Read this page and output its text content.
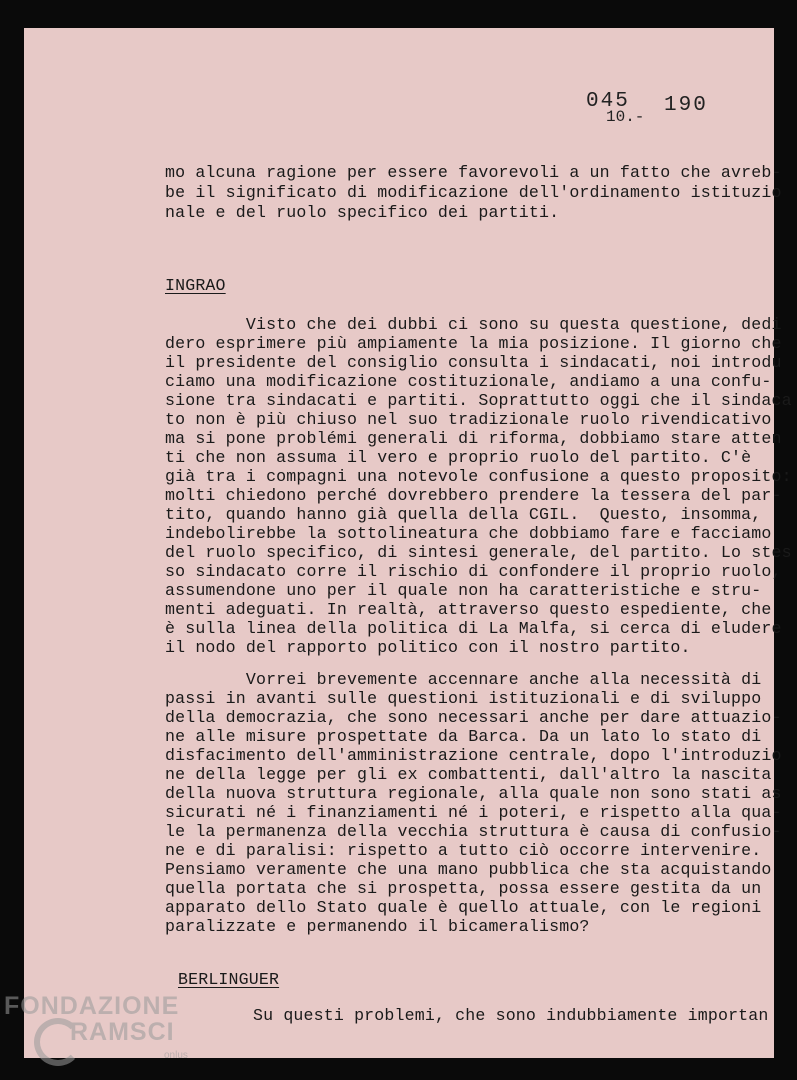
045 190
10.-
mo alcuna ragione per essere favorevoli a un fatto che avreb-
be il significato di modificazione dell'ordinamento istituzio
nale e del ruolo specifico dei partiti.
INGRAO
Visto che dei dubbi ci sono su questa questione, dedi
dero esprimere più ampiamente la mia posizione. Il giorno che
il presidente del consiglio consulta i sindacati, noi introdu
ciamo una modificazione costituzionale, andiamo a una confu-
sione tra sindacati e partiti. Soprattutto oggi che il sindaca
to non è più chiuso nel suo tradizionale ruolo rivendicativo
ma si pone problémi generali di riforma, dobbiamo stare atten
ti che non assuma il vero e proprio ruolo del partito. C'è
già tra i compagni una notevole confusione a questo proposito:
molti chiedono perché dovrebbero prendere la tessera del par-
tito, quando hanno già quella della CGIL.  Questo, insomma,
indebolirebbe la sottolineatura che dobbiamo fare e facciamo
del ruolo specifico, di sintesi generale, del partito. Lo stes
so sindacato corre il rischio di confondere il proprio ruolo,
assumendone uno per il quale non ha caratteristiche e stru-
menti adeguati. In realtà, attraverso questo espediente, che
è sulla linea della politica di La Malfa, si cerca di eludere
il nodo del rapporto politico con il nostro partito.
Vorrei brevemente accennare anche alla necessità di
passi in avanti sulle questioni istituzionali e di sviluppo
della democrazia, che sono necessari anche per dare attuazio-
ne alle misure prospettate da Barca. Da un lato lo stato di
disfacimento dell'amministrazione centrale, dopo l'introduzio
ne della legge per gli ex combattenti, dall'altro la nascita
della nuova struttura regionale, alla quale non sono stati as
sicurati né i finanziamenti né i poteri, e rispetto alla qua-
le la permanenza della vecchia struttura è causa di confusio-
ne e di paralisi: rispetto a tutto ciò occorre intervenire.
Pensiamo veramente che una mano pubblica che sta acquistando
quella portata che si prospetta, possa essere gestita da un
apparato dello Stato quale è quello attuale, con le regioni
paralizzate e permanendo il bicameralismo?
BERLINGUER
Su questi problemi, che sono indubbiamente importan
FONDAZIONE
RAMSCI
onlus
